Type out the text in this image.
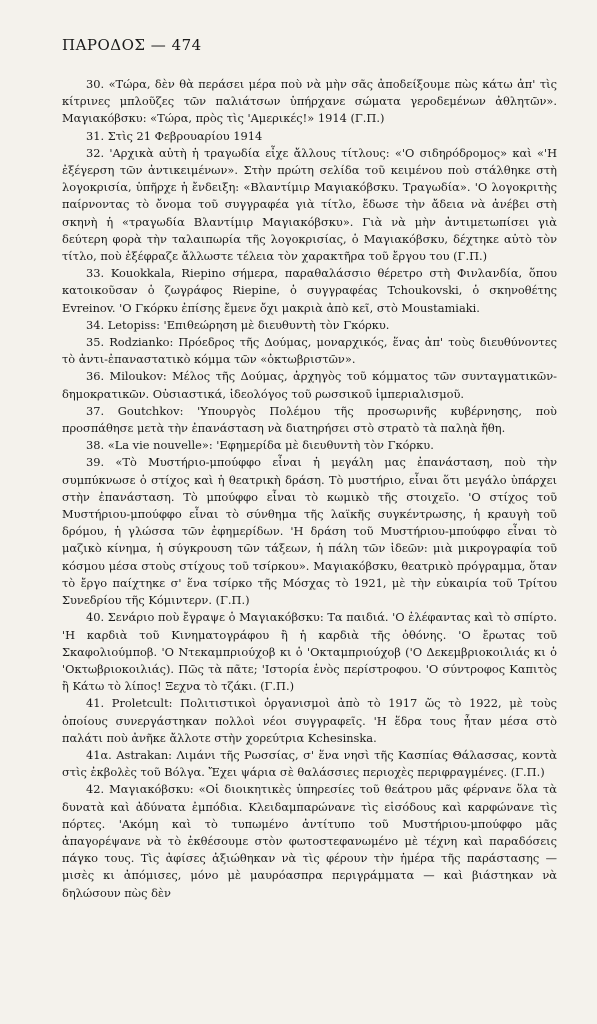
ΠΑΡΟΔΟΣ — 474

30. «Τώρα, δὲν θὰ περάσει μέρα ποὺ νὰ μὴν σᾶς ἀποδείξουμε πὼς κάτω ἀπ' τὶς κίτρινες μπλοῦζες τῶν παλιάτσων ὑπήρχανε σώματα γεροδεμένων ἀθλητῶν». Μαγιακόβσκυ: «Τώρα, πρὸς τὶς 'Αμερικές!» 1914 (Γ.Π.)

31. Στὶς 21 Φεβρουαρίου 1914

32. 'Αρχικὰ αὐτὴ ἡ τραγωδία εἶχε ἄλλους τίτλους: «'Ο σιδηρόδρομος» καὶ «'Η ἐξέγερση τῶν ἀντικειμένων». Στὴν πρώτη σελίδα τοῦ κειμένου ποὺ στάλθηκε στὴ λογοκρισία, ὑπῆρχε ἡ ἔνδειξη: «Βλαντίμιρ Μαγιακόβσκυ. Τραγωδία». 'Ο λογοκριτὴς παίρνοντας τὸ ὄνομα τοῦ συγγραφέα γιὰ τίτλο, ἔδωσε τὴν ἄδεια νὰ ἀνέβει στὴ σκηνὴ ἡ «τραγωδία Βλαντίμιρ Μαγιακόβσκυ». Γιὰ νὰ μὴν ἀντιμετωπίσει γιὰ δεύτερη φορὰ τὴν ταλαιπωρία τῆς λογοκρισίας, ὁ Μαγιακόβσκυ, δέχτηκε αὐτὸ τὸν τίτλο, ποὺ ἐξέφραζε ἄλλωστε τέλεια τὸν χαρακτῆρα τοῦ ἔργου του (Γ.Π.)

33. Kouokkala, Riepino σήμερα, παραθαλάσσιο θέρετρο στὴ Φινλανδία, ὅπου κατοικοῦσαν ὁ ζωγράφος Riepine, ὁ συγγραφέας Tchoukovski, ὁ σκηνοθέτης Evreinov. 'Ο Γκόρκυ ἐπίσης ἔμενε ὄχι μακριὰ ἀπὸ κεῖ, στὸ Moustamiaki.

34. Letopiss: 'Επιθεώρηση μὲ διευθυντὴ τὸν Γκόρκυ.

35. Rodzianko: Πρόεδρος τῆς Δούμας, μοναρχικός, ἕνας ἀπ' τοὺς διευθύνοντες τὸ ἀντι-ἐπαναστατικὸ κόμμα τῶν «ὀκτωβριστῶν».

36. Miloukov: Μέλος τῆς Δούμας, ἀρχηγὸς τοῦ κόμματος τῶν συνταγματικῶν-δημοκρατικῶν. Οὐσιαστικά, ἰδεολόγος τοῦ ρωσσικοῦ ἰμπεριαλισμοῦ.

37. Goutchkov: 'Υπουργὸς Πολέμου τῆς προσωρινῆς κυβέρνησης, ποὺ προσπάθησε μετὰ τὴν ἐπανάσταση νὰ διατηρήσει στὸ στρατὸ τὰ παληὰ ἤθη.

38. «La vie nouvelle»: 'Εφημερίδα μὲ διευθυντὴ τὸν Γκόρκυ.

39. «Τὸ Μυστήριο-μπούφφο εἶναι ἡ μεγάλη μας ἐπανάσταση, ποὺ τὴν συμπύκνωσε ὁ στίχος καὶ ἡ θεατρικὴ δράση. Τὸ μυστήριο, εἶναι ὅτι μεγάλο ὑπάρχει στὴν ἐπανάσταση. Τὸ μπούφφο εἶναι τὸ κωμικὸ τῆς στοιχεῖο. 'Ο στίχος τοῦ Μυστήριου-μπούφφο εἶναι τὸ σύνθημα τῆς λαϊκῆς συγκέντρωσης, ἡ κραυγὴ τοῦ δρόμου, ἡ γλώσσα τῶν ἐφημερίδων. 'Η δράση τοῦ Μυστήριου-μπούφφο εἶναι τὸ μαζικὸ κίνημα, ἡ σύγκρουση τῶν τάξεων, ἡ πάλη τῶν ἰδεῶν: μιὰ μικρογραφία τοῦ κόσμου μέσα στοὺς στίχους τοῦ τσίρκου». Μαγιακόβσκυ, θεατρικὸ πρόγραμμα, ὅταν τὸ ἔργο παίχτηκε σ' ἕνα τσίρκο τῆς Μόσχας τὸ 1921, μὲ τὴν εὐκαιρία τοῦ Τρίτου Συνεδρίου τῆς Κόμιντερν. (Γ.Π.)

40. Σενάριο ποὺ ἔγραψε ὁ Μαγιακόβσκυ: Τα παιδιά. 'Ο ἐλέφαντας καὶ τὸ σπίρτο. 'Η καρδιὰ τοῦ Κινηματογράφου ἢ ἡ καρδιὰ τῆς ὀθόνης. 'Ο ἔρωτας τοῦ Σκαφολιούμποβ. 'Ο Ντεκαμπριούχοβ κι ὁ 'Οκταμπριούχοβ ('Ο Δεκεμβριοκοιλιάς κι ὁ 'Οκτωβριοκοιλιάς). Πῶς τὰ πᾶτε; 'Ιστορία ἑνὸς περίστροφου. 'Ο σύντροφος Καπιτὸς ἢ Κάτω τὸ λίπος! Ξεχνα τὸ τζάκι. (Γ.Π.)

41. Proletcult: Πολιτιστικοὶ ὀργανισμοὶ ἀπὸ τὸ 1917 ὥς τὸ 1922, μὲ τοὺς ὁποίους συνεργάστηκαν πολλοὶ νέοι συγγραφεῖς. 'Η ἕδρα τους ἦταν μέσα στὸ παλάτι ποὺ ἀνῆκε ἄλλοτε στὴν χορεύτρια Kchesinska.

41α. Astrakan: Λιμάνι τῆς Ρωσσίας, σ' ἕνα νησὶ τῆς Κασπίας Θάλασσας, κοντὰ στὶς ἐκβολὲς τοῦ Βόλγα. Ἔχει ψάρια σὲ θαλάσσιες περιοχὲς περιφραγμένες. (Γ.Π.)

42. Μαγιακόβσκυ: «Οἱ διοικητικὲς ὑπηρεσίες τοῦ θεάτρου μᾶς φέρνανε ὅλα τὰ δυνατὰ καὶ ἀδύνατα ἐμπόδια. Κλειδαμπαρώνανε τὶς εἰσόδους καὶ καρφώνανε τὶς πόρτες. 'Ακόμη καὶ τὸ τυπωμένο ἀντίτυπο τοῦ Μυστήριου-μπούφφο μᾶς ἀπαγορέψανε νὰ τὸ ἐκθέσουμε στὸν φωτοστεφανωμένο μὲ τέχνη καὶ παραδόσεις πάγκο τους. Τὶς ἀφίσες ἀξιώθηκαν νὰ τὶς φέρουν τὴν ἡμέρα τῆς παράστασης — μισὲς κι ἀπόμισες, μόνο μὲ μαυρόασπρα περιγράμματα — καὶ βιάστηκαν νὰ δηλώσουν πὼς δὲν
